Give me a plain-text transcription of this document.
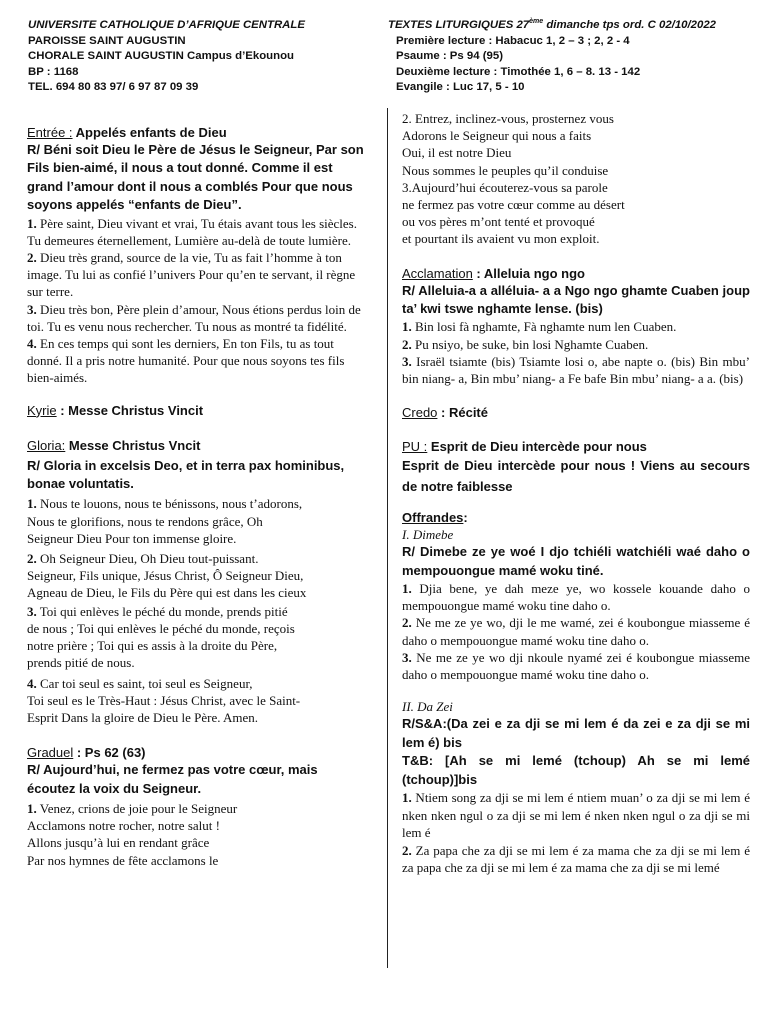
UNIVERSITE CATHOLIQUE D’AFRIQUE CENTRALE
PAROISSE SAINT AUGUSTIN
CHORALE SAINT AUGUSTIN Campus d’Ekounou
BP : 1168
TEL. 694 80 83 97/ 6 97 87 09 39
TEXTES LITURGIQUES 27ème dimanche tps ord. C 02/10/2022
Première lecture : Habacuc 1, 2 – 3 ; 2, 2 - 4
Psaume : Ps 94 (95)
Deuxième lecture : Timothée 1, 6 – 8. 13 - 142
Evangile : Luc 17, 5 - 10
Entrée : Appelés enfants de Dieu
R/ Béni soit Dieu le Père de Jésus le Seigneur, Par son Fils bien-aimé, il nous a tout donné. Comme il est grand l’amour dont il nous a comblés Pour que nous soyons appelés “enfants de Dieu”.

1. Père saint, Dieu vivant et vrai, Tu étais avant tous les siècles. Tu demeures éternellement, Lumière au-delà de toute lumière.

2. Dieu très grand, source de la vie, Tu as fait l’homme à ton image. Tu lui as confié l’univers Pour qu’en te servant, il règne sur terre.

3. Dieu très bon, Père plein d’amour, Nous étions perdus loin de toi. Tu es venu nous rechercher. Tu nous as montré ta fidélité.

4. En ces temps qui sont les derniers, En ton Fils, tu as tout donné. Il a pris notre humanité. Pour que nous soyons tes fils bien-aimés.

Kyrie : Messe Christus Vincit
Gloria: Messe Christus Vncit
R/ Gloria in excelsis Deo, et in terra pax hominibus, bonae voluntatis.
1. Nous te louons, nous te bénissons, nous t’adorons,
Nous te glorifions, nous te rendons grâce, Oh
Seigneur Dieu Pour ton immense gloire.
2. Oh Seigneur Dieu, Oh Dieu tout-puissant.
Seigneur, Fils unique, Jésus Christ, Ô Seigneur Dieu,
Agneau de Dieu, le Fils du Père qui est dans les cieux
3. Toi qui enlèves le péché du monde, prends pitié
de nous ; Toi qui enlèves le péché du monde, reçois
notre prière ; Toi qui es assis à la droite du Père,
prends pitié de nous.
4. Car toi seul es saint, toi seul es Seigneur,
Toi seul es le Très-Haut : Jésus Christ, avec le Saint-
Esprit Dans la gloire de Dieu le Père. Amen.
Graduel : Ps 62 (63)
R/ Aujourd’hui, ne fermez pas votre cœur, mais écoutez la voix du Seigneur.
1. Venez, crions de joie pour le Seigneur
Acclamons notre rocher, notre salut !
Allons jusqu’à lui en rendant grâce
Par nos hymnes de fête acclamons le
2. Entrez, inclinez-vous, prosternez vous
Adorons le Seigneur qui nous a faits
Oui, il est notre Dieu
Nous sommes le peuples qu’il conduise
3.Aujourd’hui écouterez-vous sa parole
ne fermez pas votre cœur comme au désert
ou vos pères m’ont tenté et provoqué
et pourtant ils avaient vu mon exploit.
Acclamation : Alleluia ngo ngo
R/ Alleluia-a a alléluia- a a Ngo ngo ghamte Cuaben joup ta’ kwi tswe nghamte lense. (bis)

1. Bin losi fà nghamte, Fà nghamte num len Cuaben.

2. Pu nsiyo, be suke, bin losi Nghamte Cuaben.

3. Israël tsiamte (bis) Tsiamte losi o, abe napte o. (bis) Bin mbu’ bin niang- a, Bin mbu’ niang- a Fe bafe Bin mbu’ niang- a a. (bis)

Credo : Récité
PU : Esprit de Dieu intercède pour nous
Esprit de Dieu intercède pour nous ! Viens au secours de notre faiblesse
Offrandes:
I. Dimebe
R/ Dimebe ze ye woé I djo tchiéli watchiéli waé daho o mempouongue mamé woku tiné.

1. Djia bene, ye dah meze ye, wo kossele kouande daho o mempouongue mamé woku tine daho o.

2. Ne me ze ye wo, dji le me wamé, zei é koubongue miasseme é daho o mempouongue mamé woku tine daho o.

3. Ne me ze ye wo dji nkoule nyamé zei é koubongue miasseme daho o mempouongue mamé woku tine daho o.

II. Da Zei
R/S&A:(Da zei e za dji se mi lem é da zei e za dji se mi lem é) bis
T&B: [Ah se mi lemé (tchoup) Ah se mi lemé (tchoup)]bis

1. Ntiem song za dji se mi lem é ntiem muan’ o za dji se mi lem é nken nken ngul o za dji se mi lem é nken nken ngul o za dji se mi lem é

2. Za papa che za dji se mi lem é za mama che za dji se mi lem é za papa che za dji se mi lem é za mama che za dji se mi lemé
